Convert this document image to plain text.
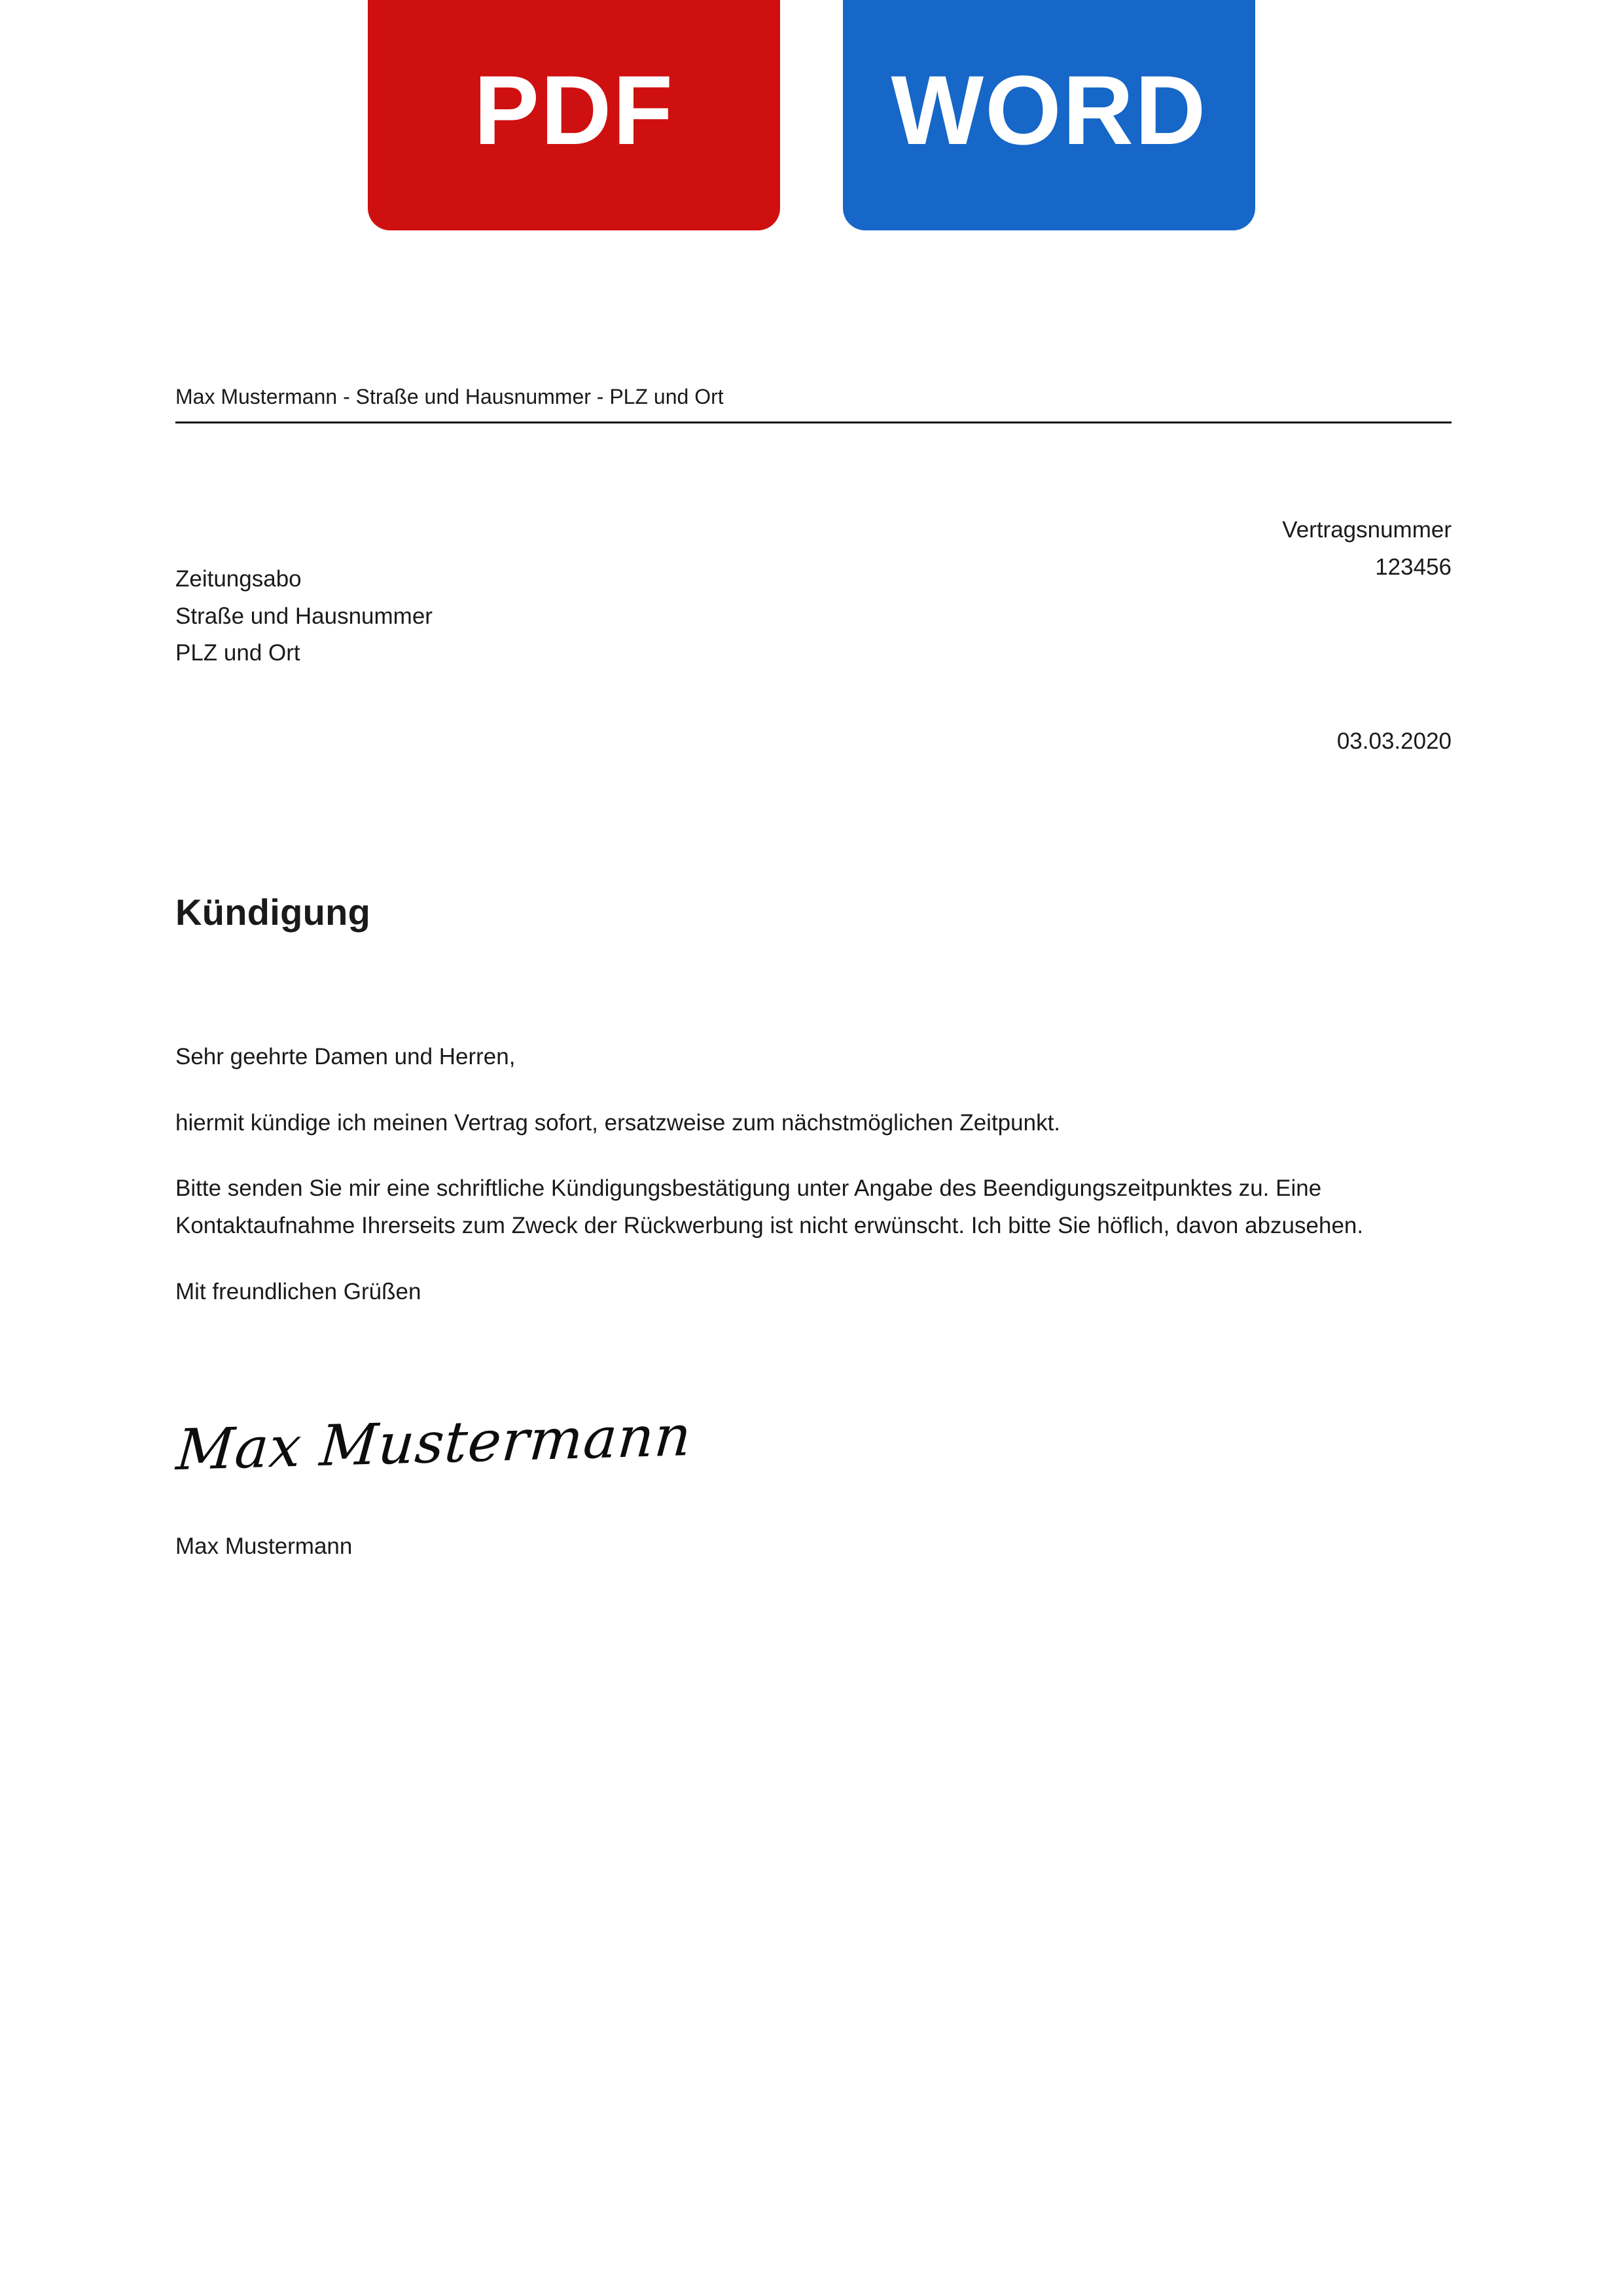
PDF	WORD
Max Mustermann - Straße und Hausnummer - PLZ und Ort
Vertragsnummer
123456
Zeitungsabo
Straße und Hausnummer
PLZ und Ort
03.03.2020
Kündigung

Sehr geehrte Damen und Herren,

hiermit kündige ich meinen Vertrag sofort, ersatzweise zum nächstmöglichen Zeitpunkt.

Bitte senden Sie mir eine schriftliche Kündigungsbestätigung unter Angabe des Beendigungszeitpunktes zu. Eine Kontaktaufnahme Ihrerseits zum Zweck der Rückwerbung ist nicht erwünscht. Ich bitte Sie höflich, davon abzusehen.

Mit freundlichen Grüßen

Max Mustermann
Max Mustermann
